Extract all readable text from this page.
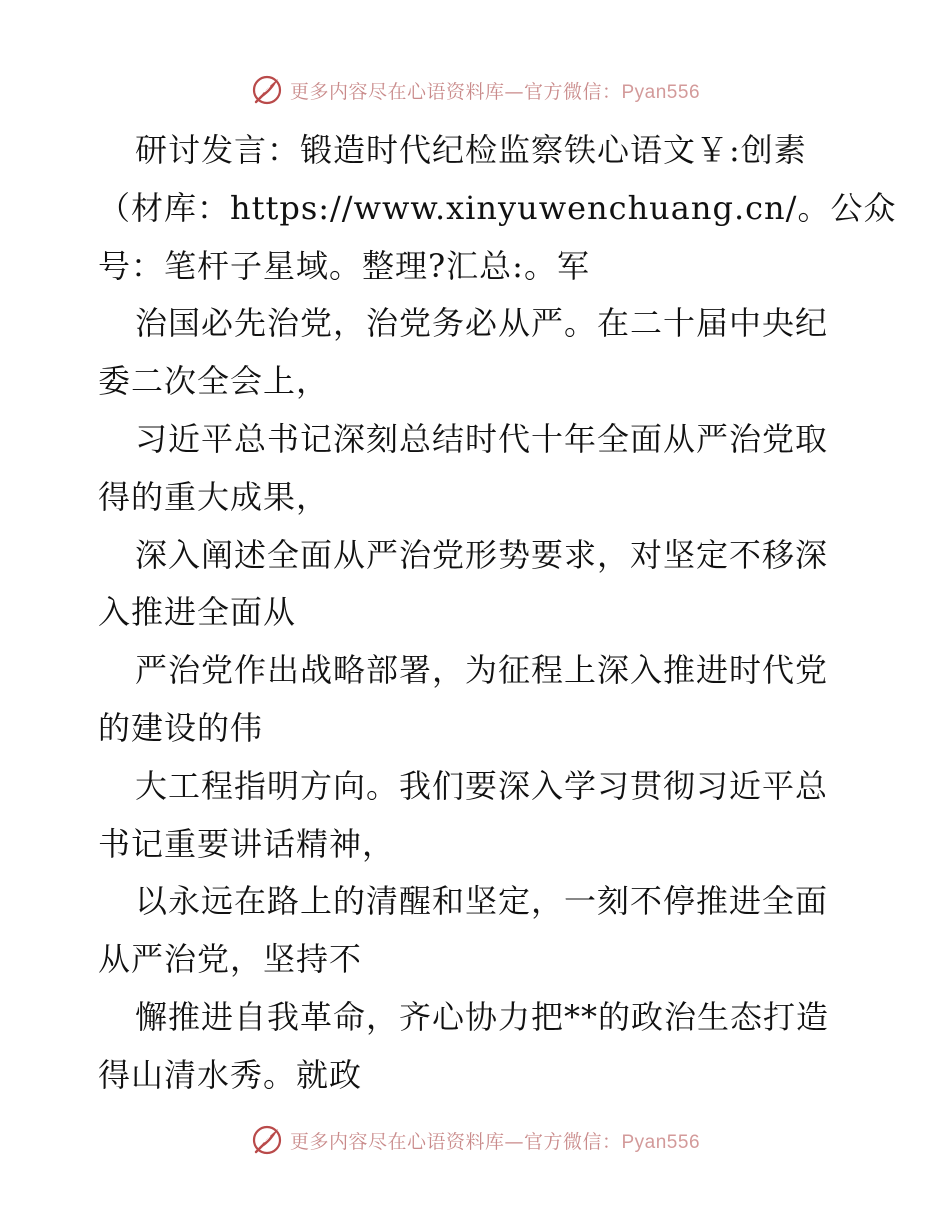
更多内容尽在心语资料库—官方微信：Pyan556
研讨发言：锻造时代纪检监察铁心语文￥:创素
（材库：https://www.xinyuwenchuang.cn/。公众
号：笔杆子星域。整理?汇总:。军
治国必先治党，治党务必从严。在二十届中央纪
委二次全会上，
习近平总书记深刻总结时代十年全面从严治党取
得的重大成果，
深入阐述全面从严治党形势要求，对坚定不移深
入推进全面从
严治党作出战略部署，为征程上深入推进时代党
的建设的伟
大工程指明方向。我们要深入学习贯彻习近平总
书记重要讲话精神，
以永远在路上的清醒和坚定，一刻不停推进全面
从严治党，坚持不
懈推进自我革命，齐心协力把**的政治生态打造
得山清水秀。就政
更多内容尽在心语资料库—官方微信：Pyan556
